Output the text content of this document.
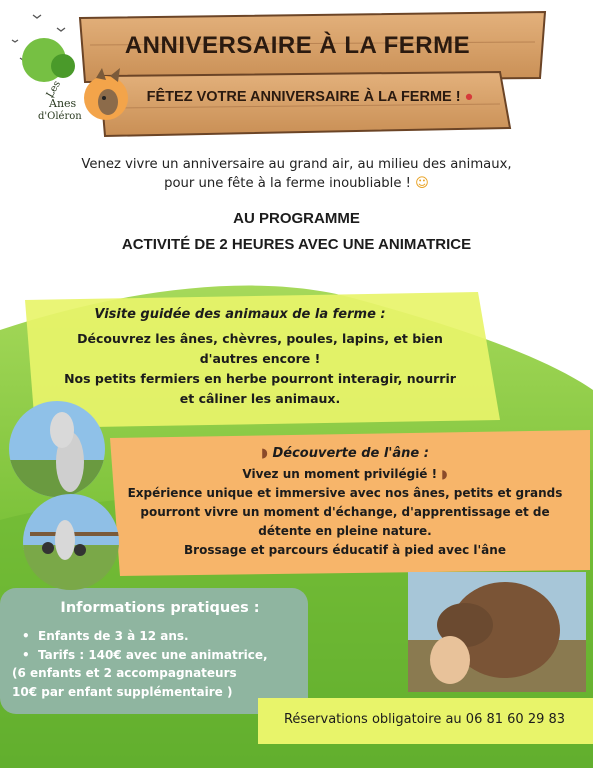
ANNIVERSAIRE À LA FERME
FÊTEZ VOTRE ANNIVERSAIRE À LA FERME ! ●
Les
Ânes
d'Oléron
Venez vivre un anniversaire au grand air, au milieu des animaux,
pour une fête à la ferme inoubliable ! ☺
AU PROGRAMME
ACTIVITÉ DE 2 HEURES AVEC UNE ANIMATRICE
Visite guidée des animaux de la ferme :
Découvrez les ânes, chèvres, poules, lapins, et bien
d'autres encore !
Nos petits fermiers en herbe pourront interagir, nourrir
et câliner les animaux.
◗ Découverte de l'âne :
Vivez un moment privilégié ! ◗
Expérience unique et immersive avec nos ânes, petits et grands
pourront vivre un moment d'échange, d'apprentissage et de
détente en pleine nature.
Brossage et parcours éducatif à pied avec l'âne
Informations pratiques :
• Enfants de 3 à 12 ans.
• Tarifs : 140€ avec une animatrice,
(6 enfants et 2 accompagnateurs
10€ par enfant supplémentaire )
Réservations obligatoire au 06 81 60 29 83
